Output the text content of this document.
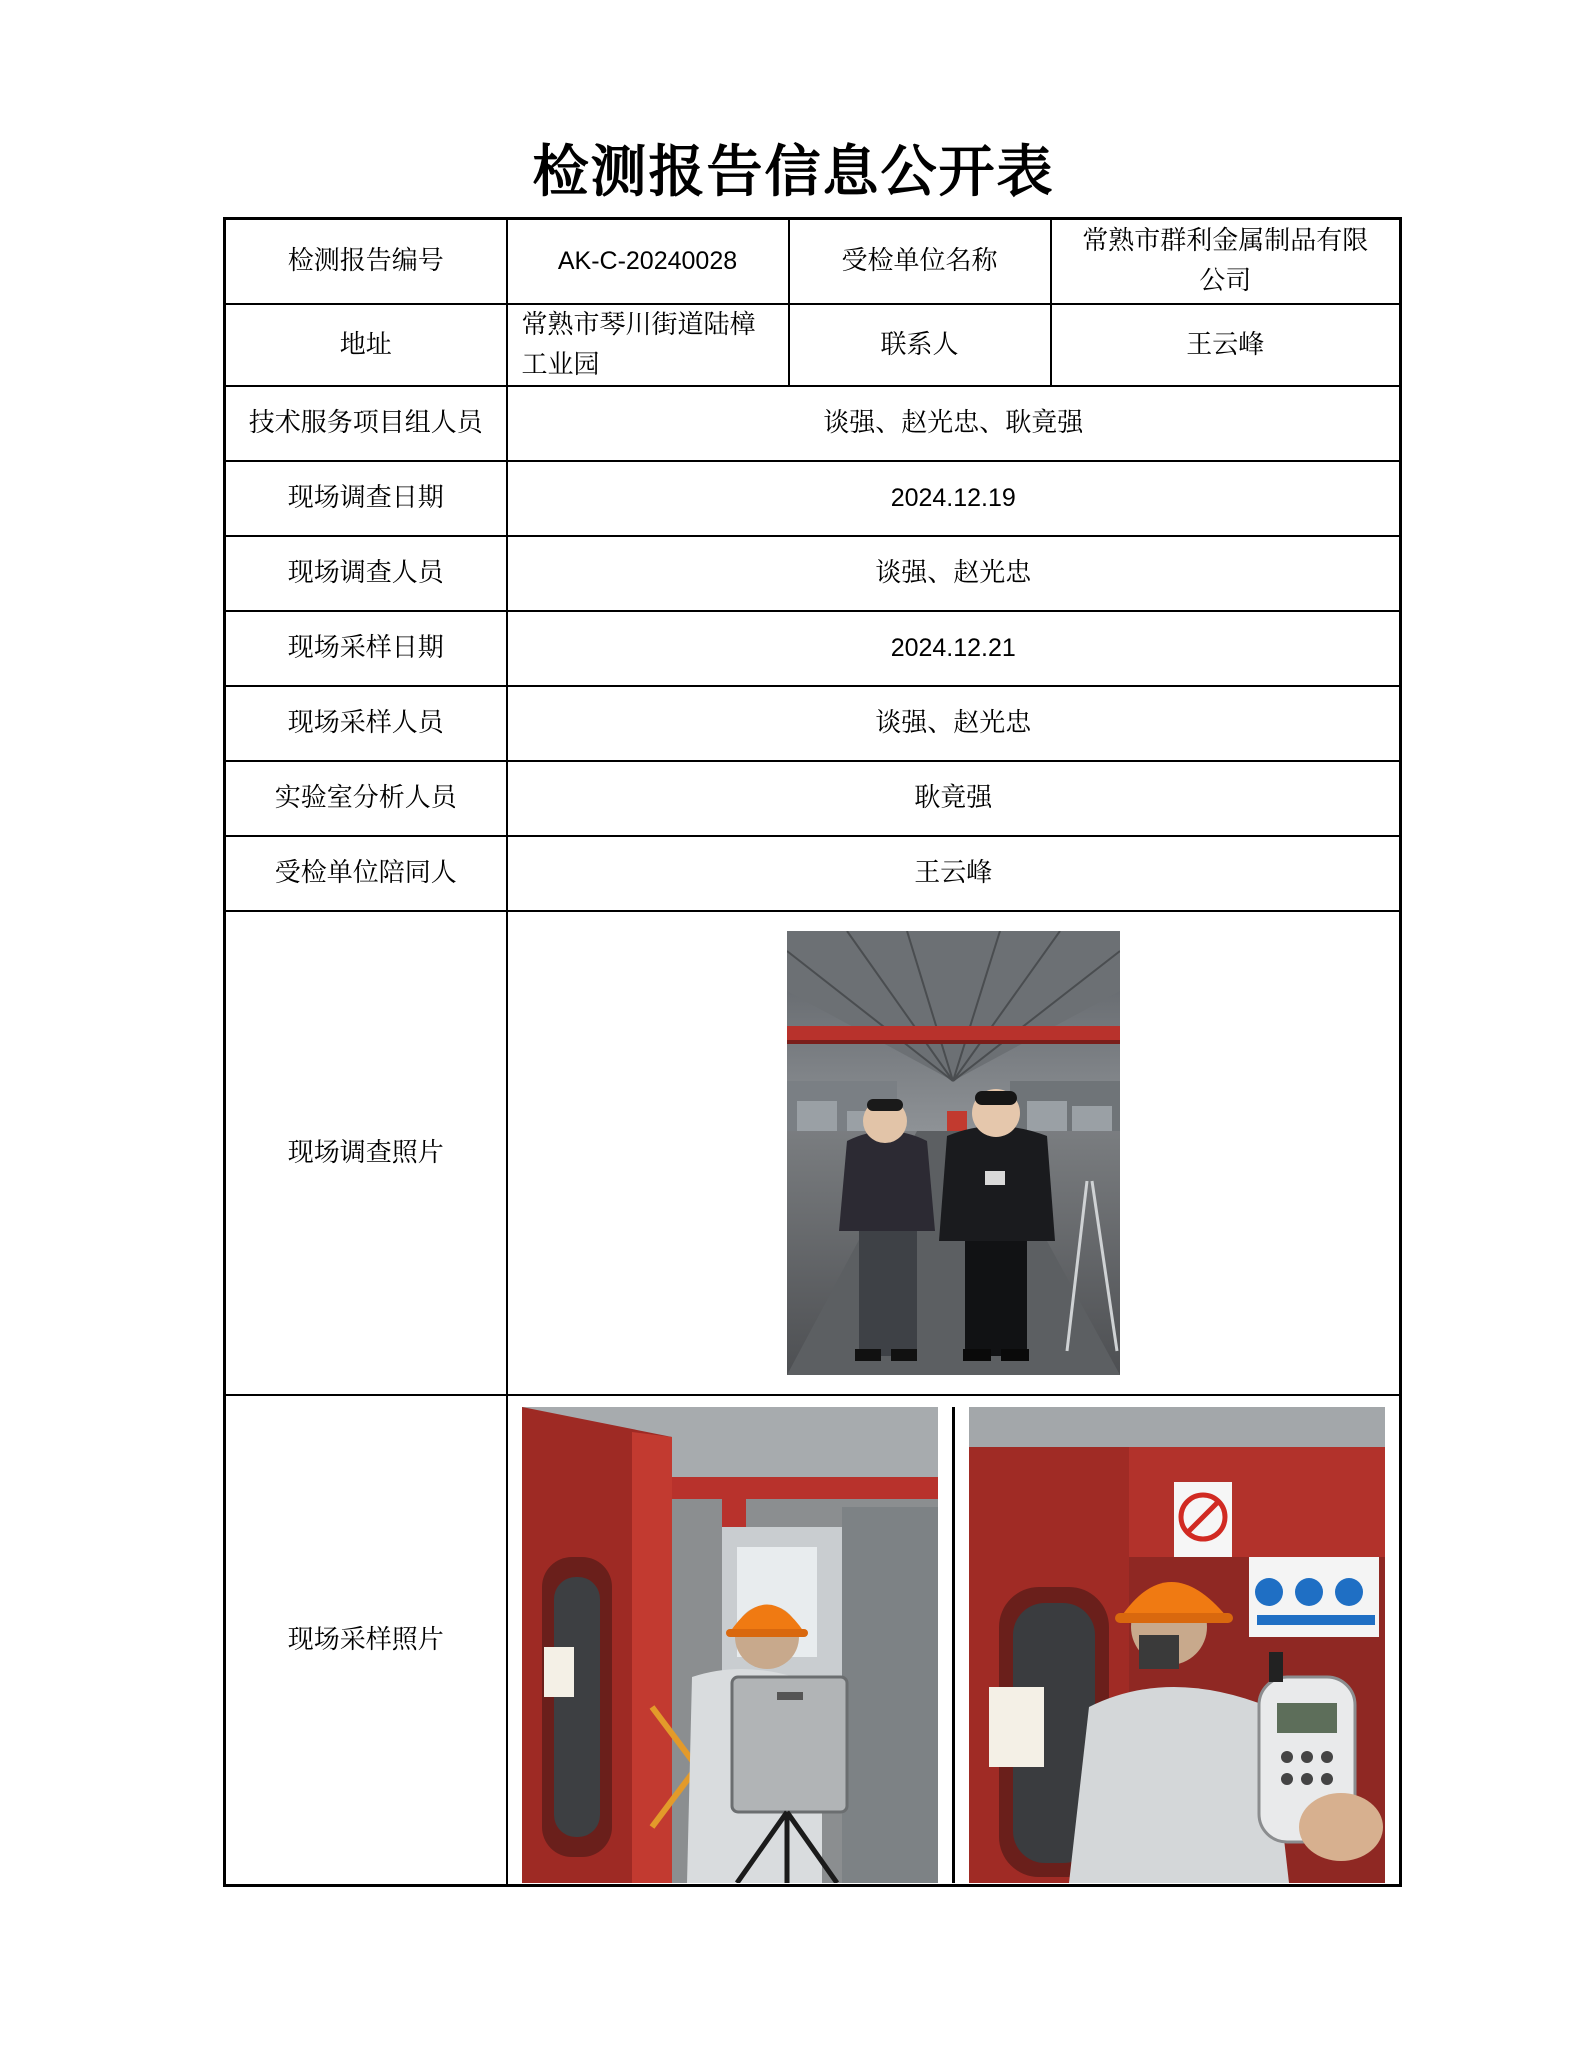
检测报告信息公开表
检测报告编号	AK-C-20240028	受检单位名称	常熟市群利金属制品有限公司
地址	常熟市琴川街道陆樟工业园	联系人	王云峰
技术服务项目组人员	谈强、赵光忠、耿竟强		
现场调查日期	2024.12.19		
现场调查人员	谈强、赵光忠		
现场采样日期	2024.12.21		
现场采样人员	谈强、赵光忠		
实验室分析人员	耿竟强		
受检单位陪同人	王云峰		
现场调查照片	

现场采样照片	
